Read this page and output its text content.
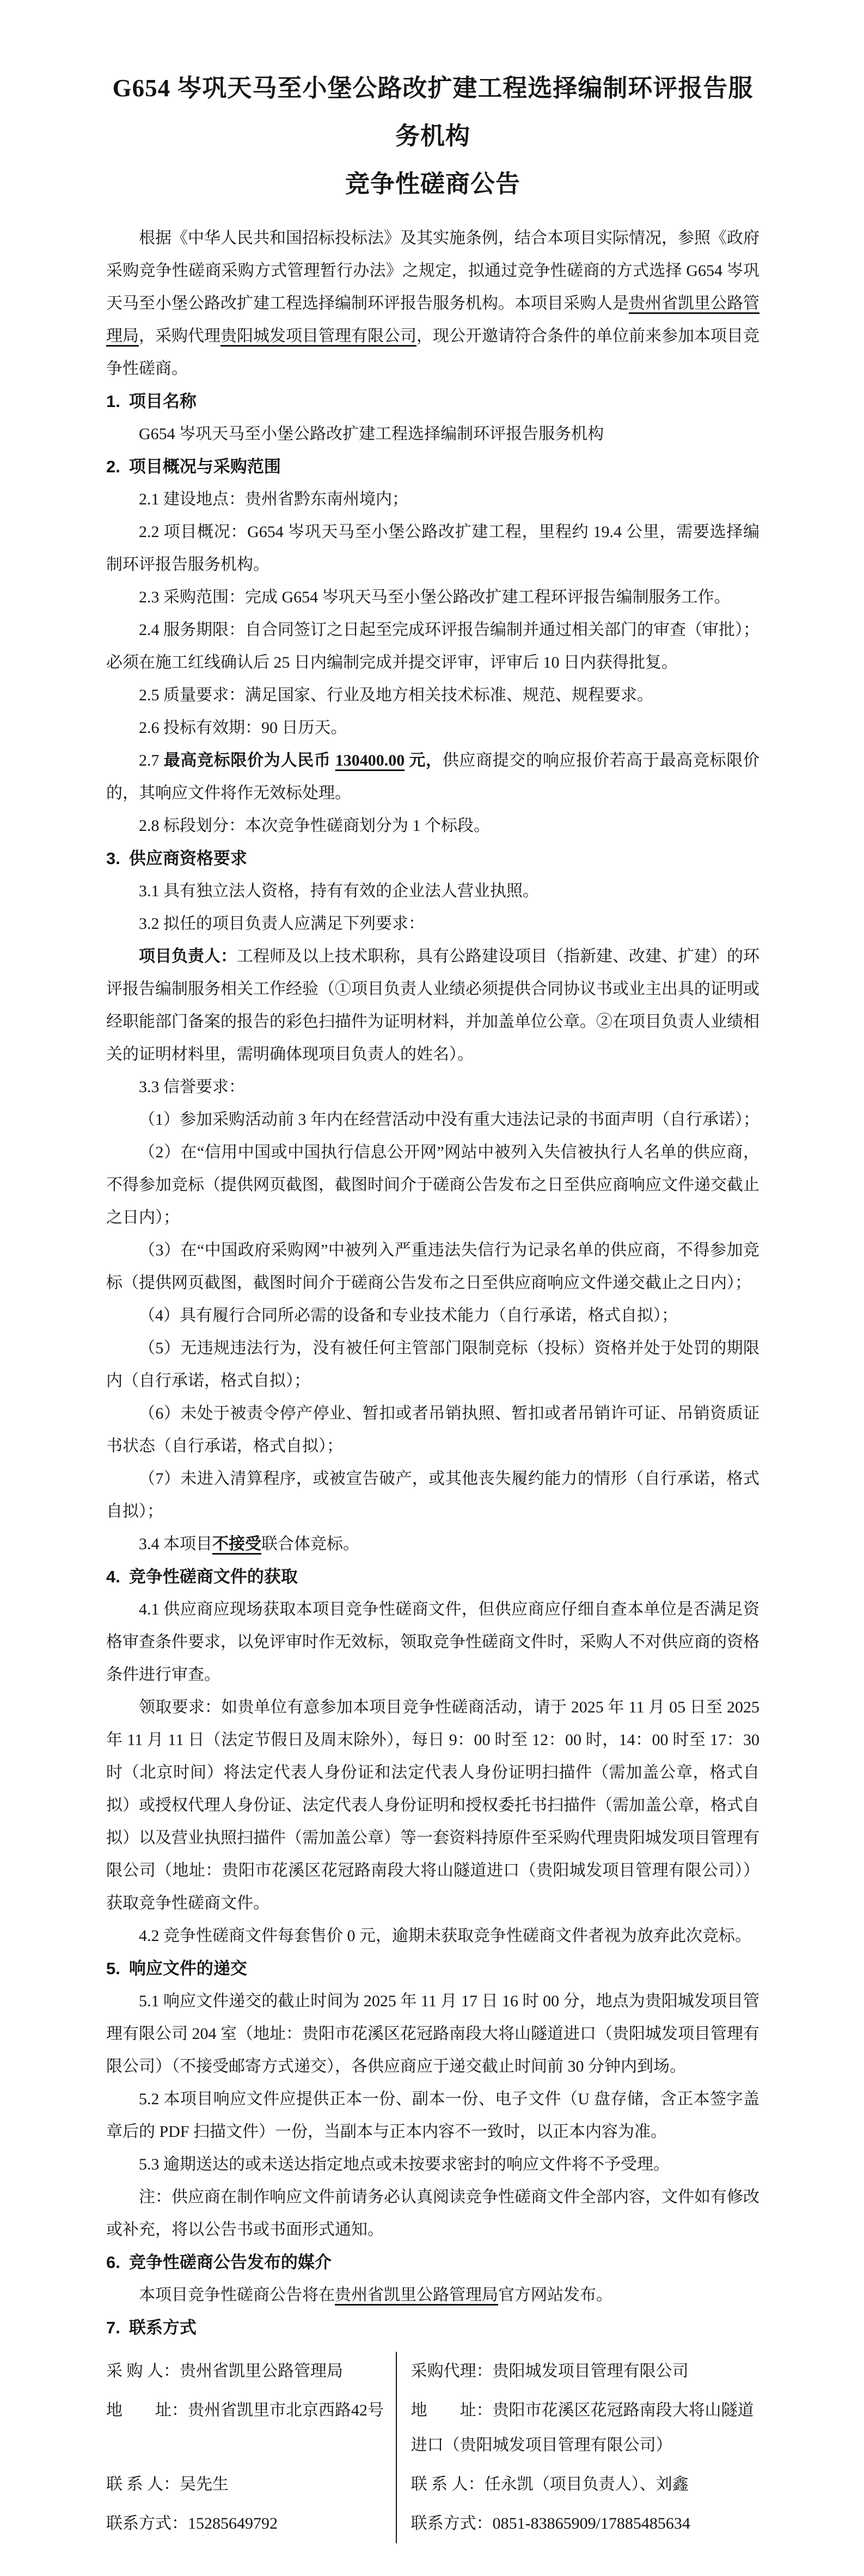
G654 岑巩天马至小堡公路改扩建工程选择编制环评报告服务机构
竞争性磋商公告

根据《中华人民共和国招标投标法》及其实施条例，结合本项目实际情况，参照《政府采购竞争性磋商采购方式管理暂行办法》之规定，拟通过竞争性磋商的方式选择 G654 岑巩天马至小堡公路改扩建工程选择编制环评报告服务机构。本项目采购人是贵州省凯里公路管理局，采购代理贵阳城发项目管理有限公司，现公开邀请符合条件的单位前来参加本项目竞争性磋商。

1. 项目名称

G654 岑巩天马至小堡公路改扩建工程选择编制环评报告服务机构

2. 项目概况与采购范围

2.1 建设地点：贵州省黔东南州境内；

2.2 项目概况：G654 岑巩天马至小堡公路改扩建工程，里程约 19.4 公里，需要选择编制环评报告服务机构。

2.3 采购范围：完成 G654 岑巩天马至小堡公路改扩建工程环评报告编制服务工作。

2.4 服务期限：自合同签订之日起至完成环评报告编制并通过相关部门的审查（审批）；必须在施工红线确认后 25 日内编制完成并提交评审，评审后 10 日内获得批复。

2.5 质量要求：满足国家、行业及地方相关技术标准、规范、规程要求。

2.6 投标有效期：90 日历天。

2.7 最高竞标限价为人民币 130400.00 元，供应商提交的响应报价若高于最高竞标限价的，其响应文件将作无效标处理。

2.8 标段划分：本次竞争性磋商划分为 1 个标段。

3. 供应商资格要求

3.1 具有独立法人资格，持有有效的企业法人营业执照。

3.2 拟任的项目负责人应满足下列要求：

项目负责人：工程师及以上技术职称，具有公路建设项目（指新建、改建、扩建）的环评报告编制服务相关工作经验（①项目负责人业绩必须提供合同协议书或业主出具的证明或经职能部门备案的报告的彩色扫描件为证明材料，并加盖单位公章。②在项目负责人业绩相关的证明材料里，需明确体现项目负责人的姓名）。

3.3 信誉要求：

（1）参加采购活动前 3 年内在经营活动中没有重大违法记录的书面声明（自行承诺）；

（2）在“信用中国或中国执行信息公开网”网站中被列入失信被执行人名单的供应商，不得参加竞标（提供网页截图，截图时间介于磋商公告发布之日至供应商响应文件递交截止之日内）；

（3）在“中国政府采购网”中被列入严重违法失信行为记录名单的供应商，不得参加竞标（提供网页截图，截图时间介于磋商公告发布之日至供应商响应文件递交截止之日内）；

（4）具有履行合同所必需的设备和专业技术能力（自行承诺，格式自拟）；

（5）无违规违法行为，没有被任何主管部门限制竞标（投标）资格并处于处罚的期限内（自行承诺，格式自拟）；

（6）未处于被责令停产停业、暂扣或者吊销执照、暂扣或者吊销许可证、吊销资质证书状态（自行承诺，格式自拟）；

（7）未进入清算程序，或被宣告破产，或其他丧失履约能力的情形（自行承诺，格式自拟）；

3.4 本项目不接受联合体竞标。

4. 竞争性磋商文件的获取

4.1 供应商应现场获取本项目竞争性磋商文件，但供应商应仔细自查本单位是否满足资格审查条件要求，以免评审时作无效标，领取竞争性磋商文件时，采购人不对供应商的资格条件进行审查。

领取要求：如贵单位有意参加本项目竞争性磋商活动，请于 2025 年 11 月 05 日至 2025 年 11 月 11 日（法定节假日及周末除外），每日 9：00 时至 12：00 时，14：00 时至 17：30 时（北京时间）将法定代表人身份证和法定代表人身份证明扫描件（需加盖公章，格式自拟）或授权代理人身份证、法定代表人身份证明和授权委托书扫描件（需加盖公章，格式自拟）以及营业执照扫描件（需加盖公章）等一套资料持原件至采购代理贵阳城发项目管理有限公司（地址：贵阳市花溪区花冠路南段大将山隧道进口（贵阳城发项目管理有限公司））获取竞争性磋商文件。

4.2 竞争性磋商文件每套售价 0 元，逾期未获取竞争性磋商文件者视为放弃此次竞标。

5. 响应文件的递交

5.1 响应文件递交的截止时间为 2025 年 11 月 17 日 16 时 00 分，地点为贵阳城发项目管理有限公司 204 室（地址：贵阳市花溪区花冠路南段大将山隧道进口（贵阳城发项目管理有限公司）（不接受邮寄方式递交），各供应商应于递交截止时间前 30 分钟内到场。

5.2 本项目响应文件应提供正本一份、副本一份、电子文件（U 盘存储，含正本签字盖章后的 PDF 扫描文件）一份，当副本与正本内容不一致时，以正本内容为准。

5.3 逾期送达的或未送达指定地点或未按要求密封的响应文件将不予受理。

注：供应商在制作响应文件前请务必认真阅读竞争性磋商文件全部内容，文件如有修改或补充，将以公告书或书面形式通知。

6. 竞争性磋商公告发布的媒介

本项目竞争性磋商公告将在贵州省凯里公路管理局官方网站发布。

7. 联系方式
采 购 人：贵州省凯里公路管理局	采购代理：贵阳城发项目管理有限公司
地　　址：贵州省凯里市北京西路42号	地　　址：贵阳市花溪区花冠路南段大将山隧道进口（贵阳城发项目管理有限公司）
联 系 人：吴先生	联 系 人：任永凯（项目负责人）、刘鑫
联系方式：15285649792	联系方式：0851-83865909/17885485634
